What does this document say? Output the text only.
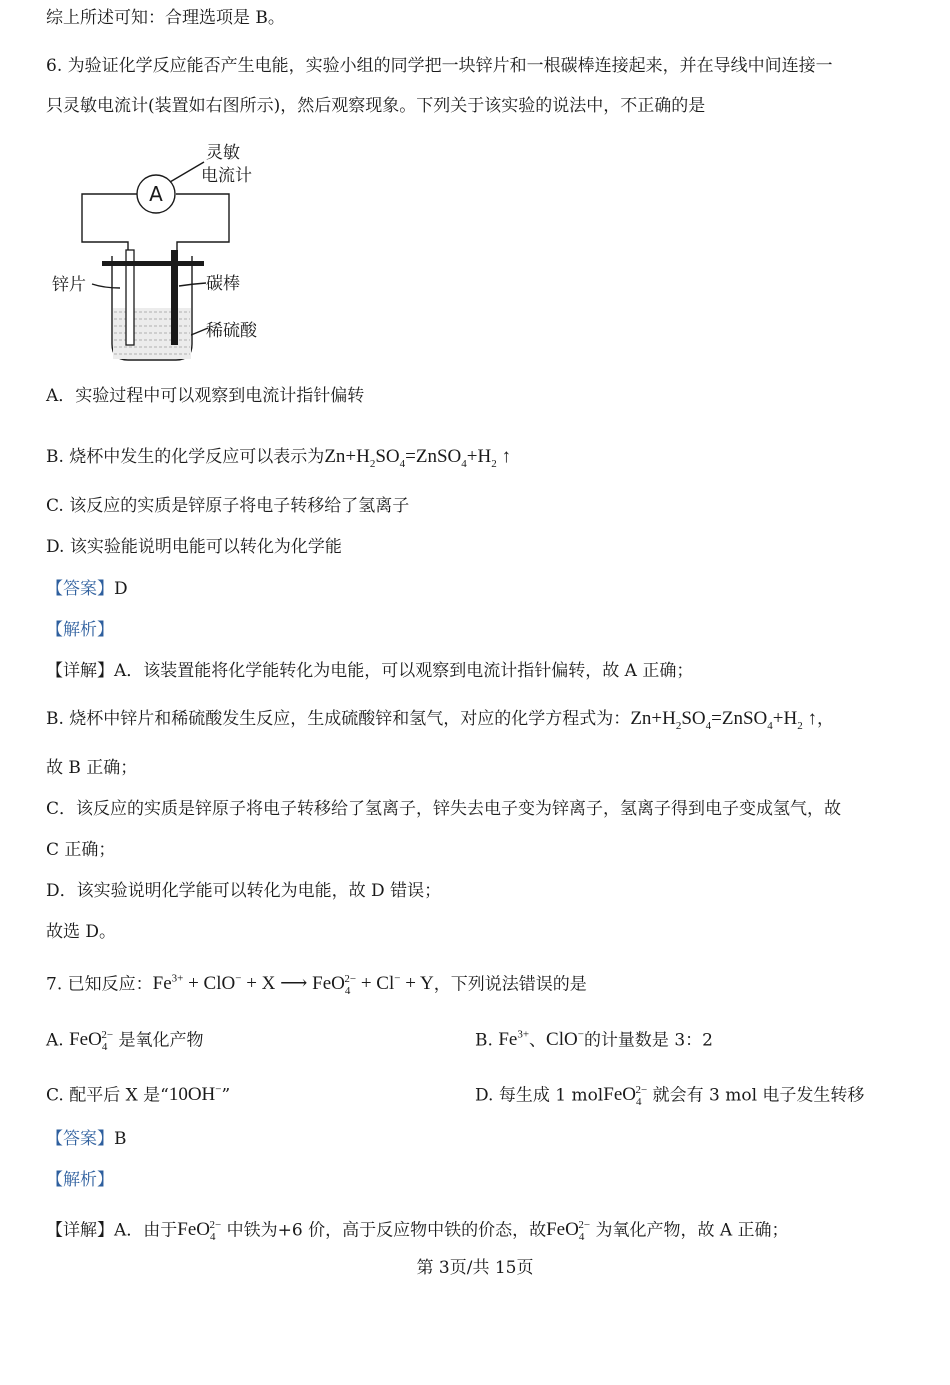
综上所述可知：合理选项是 B。
6. 为验证化学反应能否产生电能，实验小组的同学把一块锌片和一根碳棒连接起来，并在导线中间连接一
只灵敏电流计(装置如右图所示)，然后观察现象。下列关于该实验的说法中，不正确的是
A
灵敏
电流计
锌片	碳棒
稀硫酸
A．实验过程中可以观察到电流计指针偏转
B. 烧杯中发生的化学反应可以表示为$Zn+H_2SO_4=ZnSO_4+H_2$ ↑
C. 该反应的实质是锌原子将电子转移给了氢离子
D. 该实验能说明电能可以转化为化学能
【答案】D
【解析】
【详解】A．该装置能将化学能转化为电能，可以观察到电流计指针偏转，故 A 正确；
B. 烧杯中锌片和稀硫酸发生反应，生成硫酸锌和氢气，对应的化学方程式为：$Zn+H_2SO_4=ZnSO_4+H_2$ ↑，
故 B 正确；
C．该反应的实质是锌原子将电子转移给了氢离子，锌失去电子变为锌离子，氢离子得到电子变成氢气，故
C 正确；
D．该实验说明化学能可以转化为电能，故 D 错误；
故选 D。
7. 已知反应：$Fe^{3+} + ClO^- + X$ ⟶ FeO$_4^{2-}$ + Cl− + Y，下列说法错误的是
A. FeO$_4^{2-}$ 是氧化产物	B. $Fe^{3+}$、ClO−的计量数是 3：2
C. 配平后 X 是“10OH−”	D. 每生成 1 molFeO$_4^{2-}$ 就会有 3 mol 电子发生转移
【答案】B
【解析】
【详解】A．由于FeO$_4^{2-}$ 中铁为+6 价，高于反应物中铁的价态，故FeO$_4^{2-}$ 为氧化产物，故 A 正确；
第 3页/共 15页
